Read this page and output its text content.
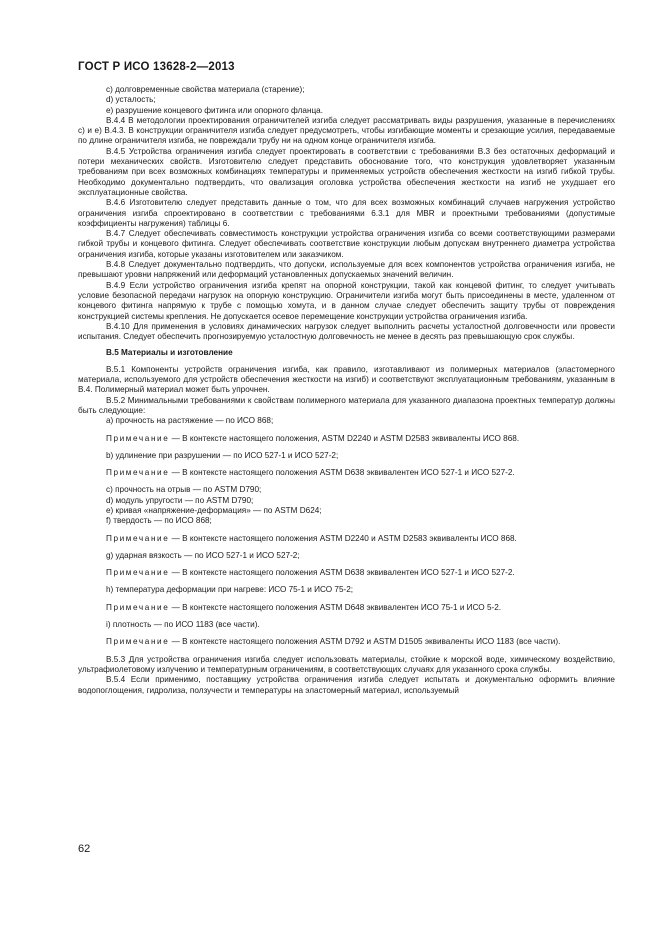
ГОСТ Р ИСО 13628-2—2013

c) долговременные свойства материала (старение);

d) усталость;

e) разрушение концевого фитинга или опорного фланца.

B.4.4 В методологии проектирования ограничителей изгиба следует рассматривать виды разрушения, указанные в перечислениях c) и e) B.4.3. В конструкции ограничителя изгиба следует предусмотреть, чтобы изгибающие моменты и срезающие усилия, передаваемые по длине ограничителя изгиба, не повреждали трубу ни на одном конце ограничителя изгиба.

B.4.5 Устройства ограничения изгиба следует проектировать в соответствии с требованиями B.3 без остаточных деформаций и потери механических свойств. Изготовителю следует представить обоснование того, что конструкция удовлетворяет указанным требованиям при всех возможных комбинациях температуры и применяемых устройств обеспечения жесткости на изгиб гибкой трубы. Необходимо документально подтвердить, что овализация оголовка устройства обеспечения жесткости на изгиб не ухудшает его эксплуатационные свойства.

B.4.6 Изготовителю следует представить данные о том, что для всех возможных комбинаций случаев нагружения устройство ограничения изгиба спроектировано в соответствии с требованиями 6.3.1 для MBR и проектными требованиями (допустимые коэффициенты нагружения) таблицы 6.

B.4.7 Следует обеспечивать совместимость конструкции устройства ограничения изгиба со всеми соответствующими размерами гибкой трубы и концевого фитинга. Следует обеспечивать соответствие конструкции любым допускам внутреннего диаметра устройства ограничения изгиба, которые указаны изготовителем или заказчиком.

B.4.8 Следует документально подтвердить, что допуски, используемые для всех компонентов устройства ограничения изгиба, не превышают уровни напряжений или деформаций установленных допускаемых значений величин.

B.4.9 Если устройство ограничения изгиба крепят на опорной конструкции, такой как концевой фитинг, то следует учитывать условие безопасной передачи нагрузок на опорную конструкцию. Ограничители изгиба могут быть присоединены в месте, удаленном от концевого фитинга напрямую к трубе с помощью хомута, и в данном случае следует обеспечить защиту трубы от повреждения конструкцией системы крепления. Не допускается осевое перемещение конструкции устройства ограничения изгиба.

B.4.10 Для применения в условиях динамических нагрузок следует выполнить расчеты усталостной долговечности или провести испытания. Следует обеспечить прогнозируемую усталостную долговечность не менее в десять раз превышающую срок службы.

B.5 Материалы и изготовление

B.5.1 Компоненты устройств ограничения изгиба, как правило, изготавливают из полимерных материалов (эластомерного материала, используемого для устройств обеспечения жесткости на изгиб) и соответствуют эксплуатационным требованиям, указанным в B.4. Полимерный материал может быть упрочнен.

B.5.2 Минимальными требованиями к свойствам полимерного материала для указанного диапазона проектных температур должны быть следующие:

a) прочность на растяжение — по ИСО 868;

Примечание — В контексте настоящего положения, ASTM D2240 и ASTM D2583 эквиваленты ИСО 868.

b) удлинение при разрушении — по ИСО 527-1 и ИСО 527-2;

Примечание — В контексте настоящего положения ASTM D638 эквивалентен ИСО 527-1 и ИСО 527-2.

c) прочность на отрыв — по ASTM D790;

d) модуль упругости — по ASTM D790;

e) кривая «напряжение-деформация» — по ASTM D624;

f) твердость — по ИСО 868;

Примечание — В контексте настоящего положения ASTM D2240 и ASTM D2583 эквиваленты ИСО 868.

g) ударная вязкость — по ИСО 527-1 и ИСО 527-2;

Примечание — В контексте настоящего положения ASTM D638 эквивалентен ИСО 527-1 и ИСО 527-2.

h) температура деформации при нагреве: ИСО 75-1 и ИСО 75-2;

Примечание — В контексте настоящего положения ASTM D648 эквивалентен ИСО 75-1 и ИСО 5-2.

i) плотность — по ИСО 1183 (все части).

Примечание — В контексте настоящего положения ASTM D792 и ASTM D1505 эквиваленты ИСО 1183 (все части).

B.5.3 Для устройства ограничения изгиба следует использовать материалы, стойкие к морской воде, химическому воздействию, ультрафиолетовому излучению и температурным ограничениям, в соответствующих случаях для указанного срока службы.

B.5.4 Если применимо, поставщику устройства ограничения изгиба следует испытать и документально оформить влияние водопоглощения, гидролиза, ползучести и температуры на эластомерный материал, используемый

62
